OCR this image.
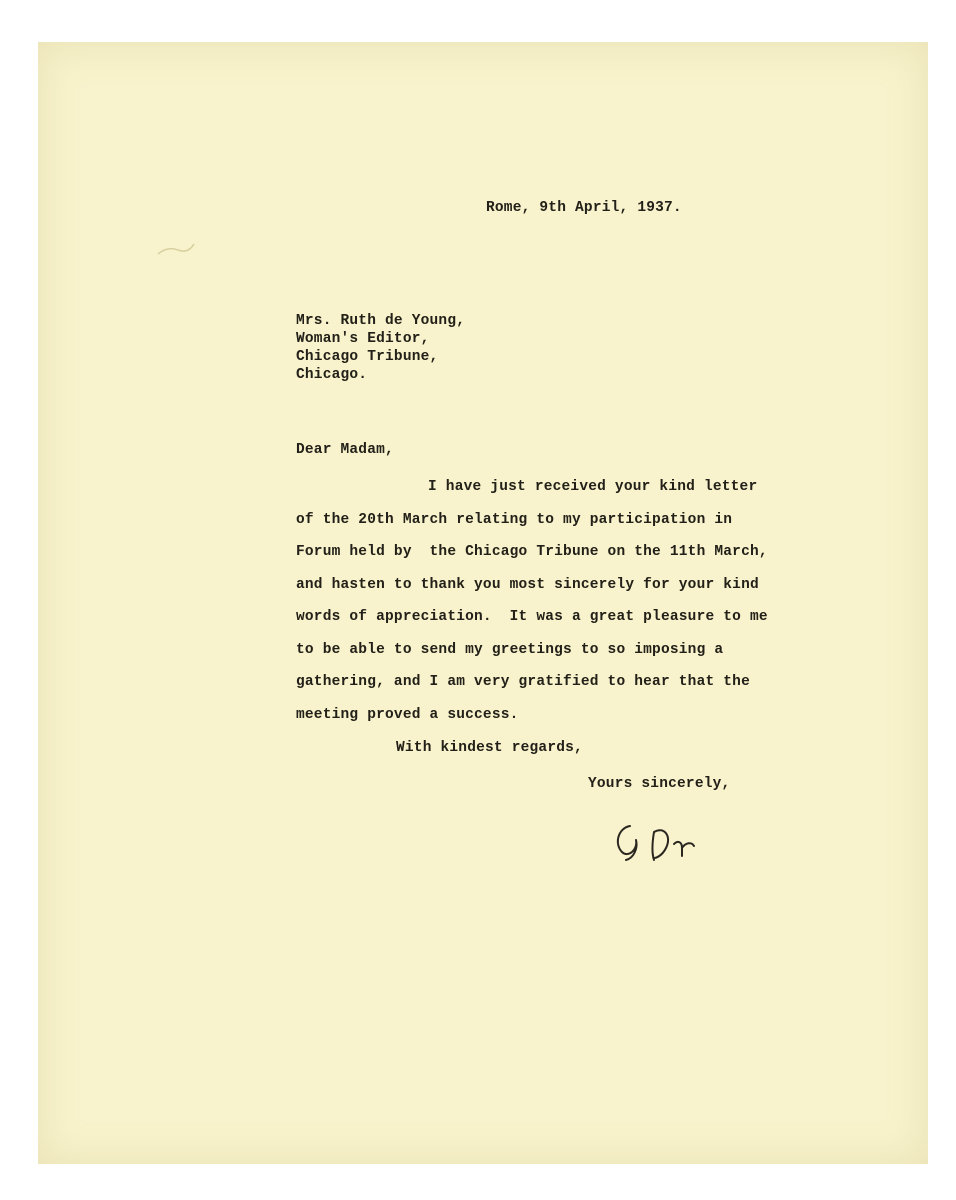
Rome, 9th April, 1937.
Mrs. Ruth de Young,
Woman's Editor,
Chicago Tribune,
Chicago.
Dear Madam,
I have just received your kind letter
of the 20th March relating to my participation in
Forum held by  the Chicago Tribune on the 11th March,
and hasten to thank you most sincerely for your kind
words of appreciation.  It was a great pleasure to me
to be able to send my greetings to so imposing a
gathering, and I am very gratified to hear that the
meeting proved a success.
With kindest regards,
Yours sincerely,
